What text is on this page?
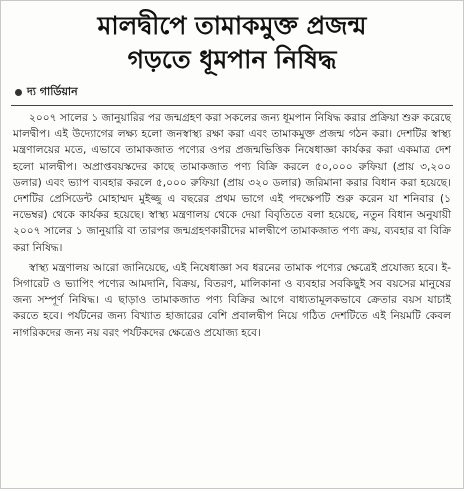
মালদ্বীপে তামাকমুক্ত প্রজন্ম
গড়তে ধূমপান নিষিদ্ধ
দ্য গার্ডিয়ান

২০০৭ সালের ১ জানুয়ারির পর জন্মগ্রহণ করা সকলের জন্য ধূমপান নিষিদ্ধ করার প্রক্রিয়া শুরু করেছে মালদ্বীপ। এই উদ্যোগের লক্ষ্য হলো জনস্বাস্থ্য রক্ষা করা এবং তামাকমুক্ত প্রজন্ম গঠন করা। দেশটির স্বাস্থ্য মন্ত্রণালয়ের মতে, এভাবে তামাকজাত পণ্যের ওপর প্রজন্মভিত্তিক নিষেধাজ্ঞা কার্যকর করা একমাত্র দেশ হলো মালদ্বীপ। অপ্রাপ্তবয়স্কদের কাছে তামাকজাত পণ্য বিক্রি করলে ৫০,০০০ রুফিয়া (প্রায় ৩,২০০ ডলার) এবং ভ্যাপ ব্যবহার করলে ৫,০০০ রুফিয়া (প্রায় ৩২০ ডলার) জরিমানা করার বিধান করা হয়েছে। দেশটির প্রেসিডেন্ট মোহাম্মদ মুইজ্জু এ বছরের প্রথম ভাগে এই পদক্ষেপটি শুরু করেন যা শনিবার (১ নভেম্বর) থেকে কার্যকর হয়েছে। স্বাস্থ্য মন্ত্রণালয় থেকে দেয়া বিবৃতিতে বলা হয়েছে, নতুন বিধান অনুযায়ী ২০০৭ সালের ১ জানুয়ারি বা তারপর জন্মগ্রহণকারীদের মালদ্বীপে তামাকজাত পণ্য ক্রয়, ব্যবহার বা বিক্রি করা নিষিদ্ধ।

স্বাস্থ্য মন্ত্রণালয় আরো জানিয়েছে, এই নিষেধাজ্ঞা সব ধরনের তামাক পণ্যের ক্ষেত্রেই প্রযোজ্য হবে। ই-সিগারেট ও ভ্যাপিং পণ্যের আমদানি, বিক্রয়, বিতরণ, মালিকানা ও ব্যবহার সবকিছুই সব বয়সের মানুষের জন্য সম্পূর্ণ নিষিদ্ধ। এ ছাড়াও তামাকজাত পণ্য বিক্রির আগে বাধ্যতামূলকভাবে ক্রেতার বয়স যাচাই করতে হবে। পর্যটনের জন্য বিখ্যাত হাজারের বেশি প্রবালদ্বীপ নিয়ে গঠিত দেশটিতে এই নিয়মটি কেবল নাগরিকদের জন্য নয় বরং পর্যটকদের ক্ষেত্রেও প্রযোজ্য হবে।
